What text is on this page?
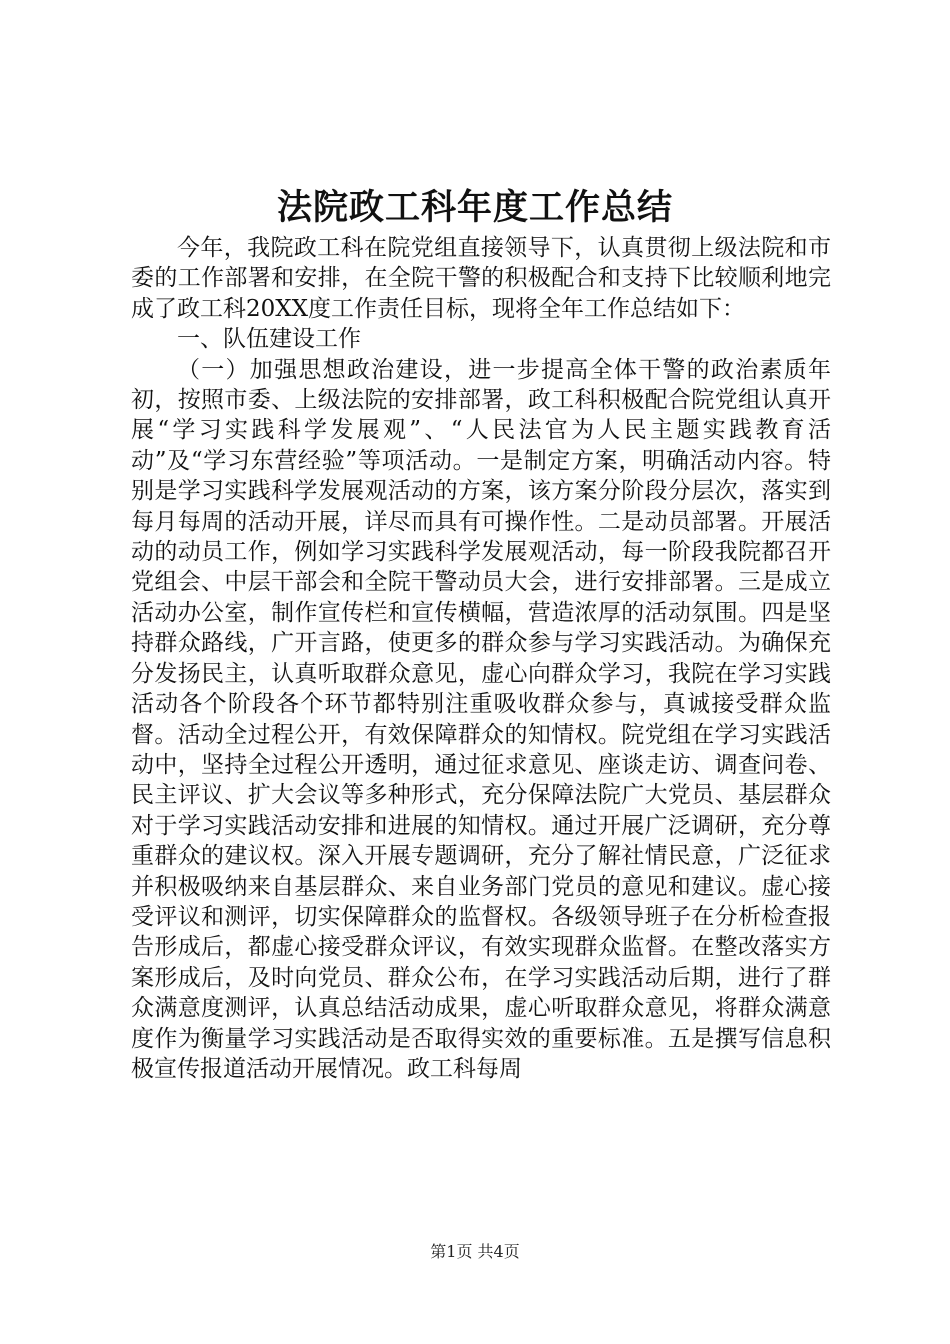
法院政工科年度工作总结

今年，我院政工科在院党组直接领导下，认真贯彻上级法院和市委的工作部署和安排，在全院干警的积极配合和支持下比较顺利地完成了政工科20XX度工作责任目标，现将全年工作总结如下：

一、队伍建设工作

（一）加强思想政治建设，进一步提高全体干警的政治素质年初，按照市委、上级法院的安排部署，政工科积极配合院党组认真开展“学习实践科学发展观”、“人民法官为人民主题实践教育活动”及“学习东营经验”等项活动。一是制定方案，明确活动内容。特别是学习实践科学发展观活动的方案，该方案分阶段分层次，落实到每月每周的活动开展，详尽而具有可操作性。二是动员部署。开展活动的动员工作，例如学习实践科学发展观活动，每一阶段我院都召开党组会、中层干部会和全院干警动员大会，进行安排部署。三是成立活动办公室，制作宣传栏和宣传横幅，营造浓厚的活动氛围。四是坚持群众路线，广开言路，使更多的群众参与学习实践活动。为确保充分发扬民主，认真听取群众意见，虚心向群众学习，我院在学习实践活动各个阶段各个环节都特别注重吸收群众参与，真诚接受群众监督。活动全过程公开，有效保障群众的知情权。院党组在学习实践活动中，坚持全过程公开透明，通过征求意见、座谈走访、调查问卷、民主评议、扩大会议等多种形式，充分保障法院广大党员、基层群众对于学习实践活动安排和进展的知情权。通过开展广泛调研，充分尊重群众的建议权。深入开展专题调研，充分了解社情民意，广泛征求并积极吸纳来自基层群众、来自业务部门党员的意见和建议。虚心接受评议和测评，切实保障群众的监督权。各级领导班子在分析检查报告形成后，都虚心接受群众评议，有效实现群众监督。在整改落实方案形成后，及时向党员、群众公布，在学习实践活动后期，进行了群众满意度测评，认真总结活动成果，虚心听取群众意见，将群众满意度作为衡量学习实践活动是否取得实效的重要标准。五是撰写信息积极宣传报道活动开展情况。政工科每周

第1页 共4页
